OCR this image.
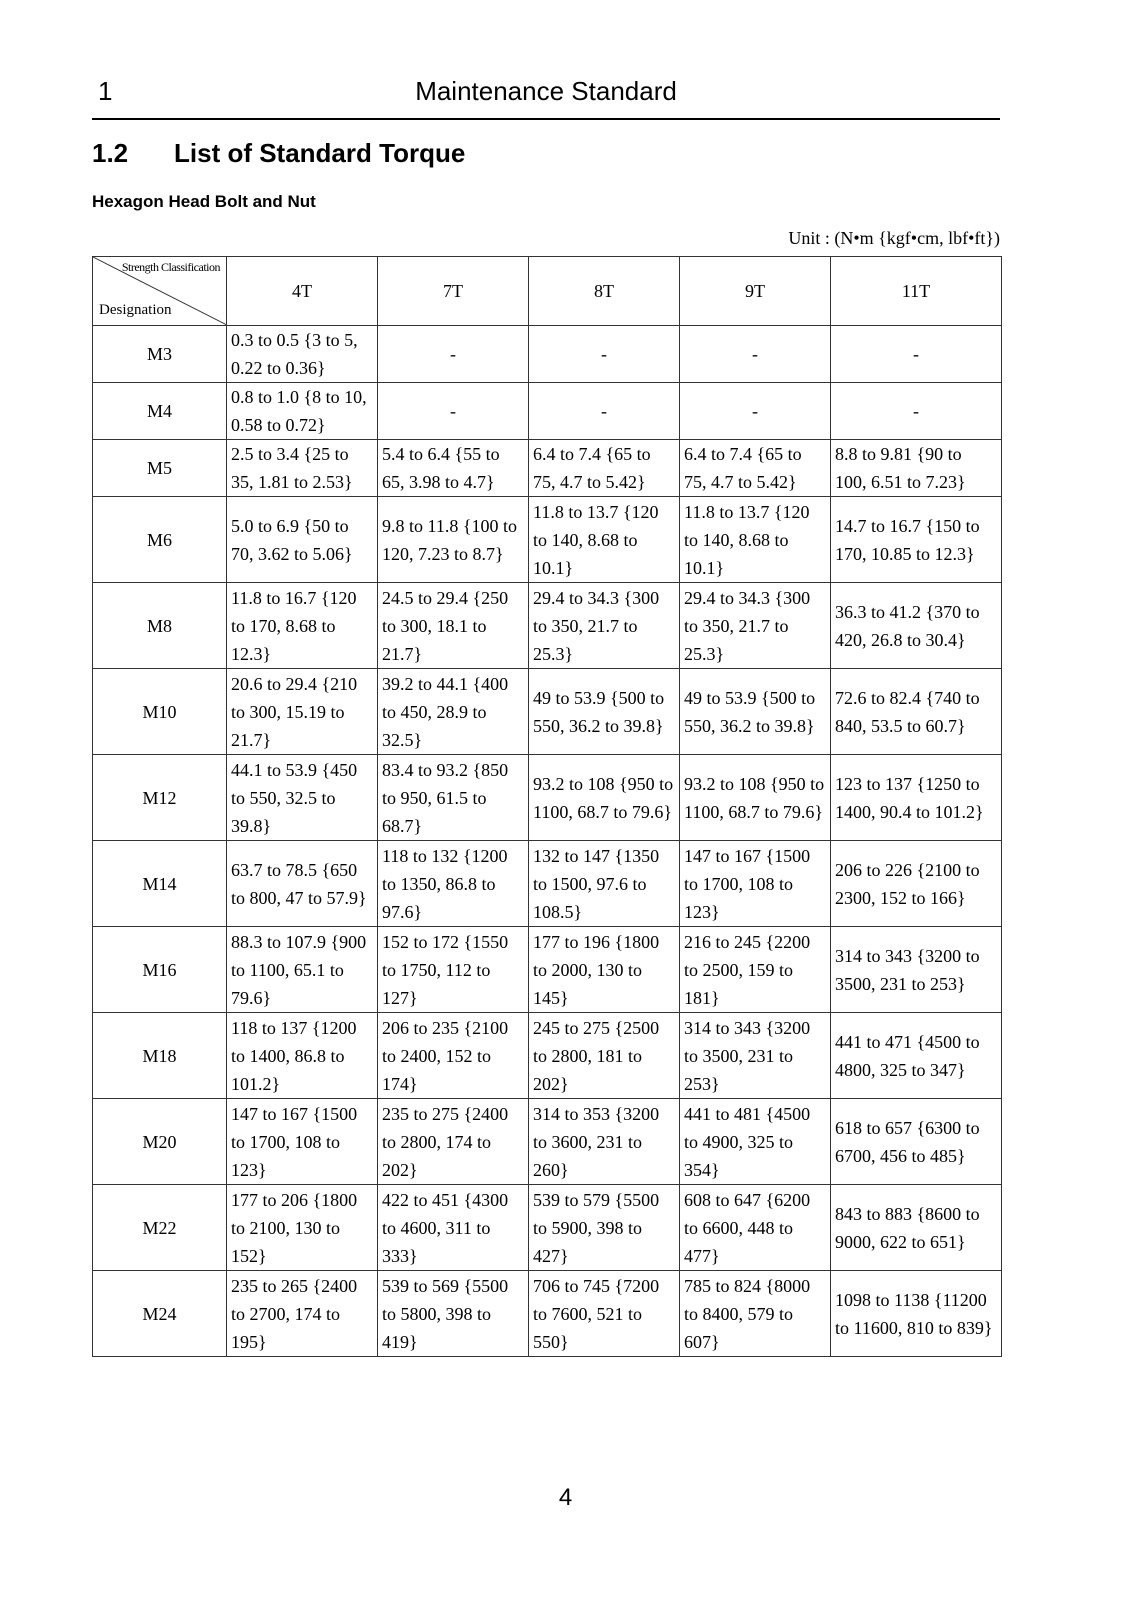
1	Maintenance Standard
1.2 List of Standard Torque
Hexagon Head Bolt and Nut
Unit : (N•m {kgf•cm, lbf•ft})
Strength Classification
Designation	4T	7T	8T	9T	11T
M3	0.3 to 0.5 {3 to 5, 0.22 to 0.36}	-	-	-	-
M4	0.8 to 1.0 {8 to 10, 0.58 to 0.72}	-	-	-	-
M5	2.5 to 3.4 {25 to 35, 1.81 to 2.53}	5.4 to 6.4 {55 to 65, 3.98 to 4.7}	6.4 to 7.4 {65 to 75, 4.7 to 5.42}	6.4 to 7.4 {65 to 75, 4.7 to 5.42}	8.8 to 9.81 {90 to 100, 6.51 to 7.23}
M6	5.0 to 6.9 {50 to 70, 3.62 to 5.06}	9.8 to 11.8 {100 to 120, 7.23 to 8.7}	11.8 to 13.7 {120 to 140, 8.68 to 10.1}	11.8 to 13.7 {120 to 140, 8.68 to 10.1}	14.7 to 16.7 {150 to 170, 10.85 to 12.3}
M8	11.8 to 16.7 {120 to 170, 8.68 to 12.3}	24.5 to 29.4 {250 to 300, 18.1 to 21.7}	29.4 to 34.3 {300 to 350, 21.7 to 25.3}	29.4 to 34.3 {300 to 350, 21.7 to 25.3}	36.3 to 41.2 {370 to 420, 26.8 to 30.4}
M10	20.6 to 29.4 {210 to 300, 15.19 to 21.7}	39.2 to 44.1 {400 to 450, 28.9 to 32.5}	49 to 53.9 {500 to 550, 36.2 to 39.8}	49 to 53.9 {500 to 550, 36.2 to 39.8}	72.6 to 82.4 {740 to 840, 53.5 to 60.7}
M12	44.1 to 53.9 {450 to 550, 32.5 to 39.8}	83.4 to 93.2 {850 to 950, 61.5 to 68.7}	93.2 to 108 {950 to 1100, 68.7 to 79.6}	93.2 to 108 {950 to 1100, 68.7 to 79.6}	123 to 137 {1250 to 1400, 90.4 to 101.2}
M14	63.7 to 78.5 {650 to 800, 47 to 57.9}	118 to 132 {1200 to 1350, 86.8 to 97.6}	132 to 147 {1350 to 1500, 97.6 to 108.5}	147 to 167 {1500 to 1700, 108 to 123}	206 to 226 {2100 to 2300, 152 to 166}
M16	88.3 to 107.9 {900 to 1100, 65.1 to 79.6}	152 to 172 {1550 to 1750, 112 to 127}	177 to 196 {1800 to 2000, 130 to 145}	216 to 245 {2200 to 2500, 159 to 181}	314 to 343 {3200 to 3500, 231 to 253}
M18	118 to 137 {1200 to 1400, 86.8 to 101.2}	206 to 235 {2100 to 2400, 152 to 174}	245 to 275 {2500 to 2800, 181 to 202}	314 to 343 {3200 to 3500, 231 to 253}	441 to 471 {4500 to 4800, 325 to 347}
M20	147 to 167 {1500 to 1700, 108 to 123}	235 to 275 {2400 to 2800, 174 to 202}	314 to 353 {3200 to 3600, 231 to 260}	441 to 481 {4500 to 4900, 325 to 354}	618 to 657 {6300 to 6700, 456 to 485}
M22	177 to 206 {1800 to 2100, 130 to 152}	422 to 451 {4300 to 4600, 311 to 333}	539 to 579 {5500 to 5900, 398 to 427}	608 to 647 {6200 to 6600, 448 to 477}	843 to 883 {8600 to 9000, 622 to 651}
M24	235 to 265 {2400 to 2700, 174 to 195}	539 to 569 {5500 to 5800, 398 to 419}	706 to 745 {7200 to 7600, 521 to 550}	785 to 824 {8000 to 8400, 579 to 607}	1098 to 1138 {11200 to 11600, 810 to 839}
4
